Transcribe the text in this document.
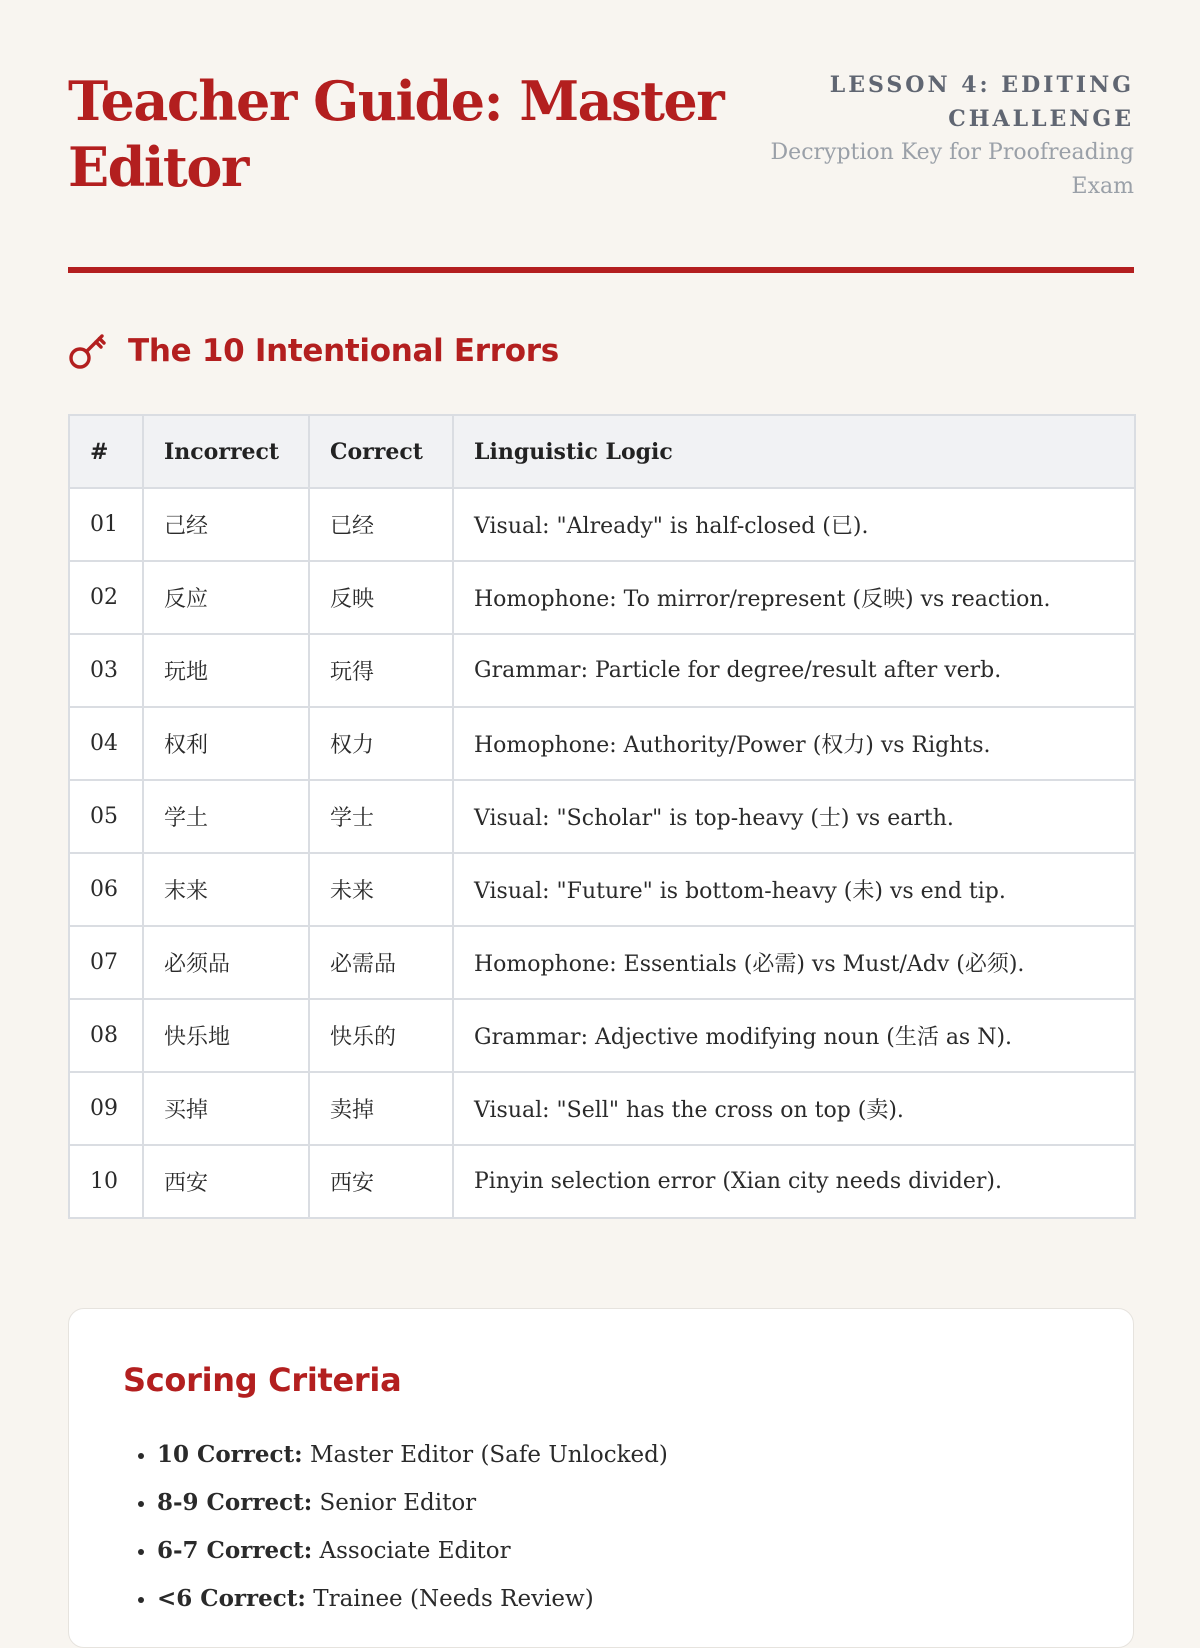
Teacher Guide: Master Editor

LESSON 4: EDITING CHALLENGE

Decryption Key for Proofreading Exam

The 10 Intentional Errors
#	Incorrect	Correct	Linguistic Logic
01	己经	已经	Visual: "Already" is half-closed (已).
02	反应	反映	Homophone: To mirror/represent (反映) vs reaction.
03	玩地	玩得	Grammar: Particle for degree/result after verb.
04	权利	权力	Homophone: Authority/Power (权力) vs Rights.
05	学土	学士	Visual: "Scholar" is top-heavy (士) vs earth.
06	末来	未来	Visual: "Future" is bottom-heavy (未) vs end tip.
07	必须品	必需品	Homophone: Essentials (必需) vs Must/Adv (必须).
08	快乐地	快乐的	Grammar: Adjective modifying noun (生活 as N).
09	买掉	卖掉	Visual: "Sell" has the cross on top (卖).
10	西安	西安	Pinyin selection error (Xian city needs divider).
Scoring Criteria
• 10 Correct: Master Editor (Safe Unlocked)
• 8-9 Correct: Senior Editor
• 6-7 Correct: Associate Editor
• <6 Correct: Trainee (Needs Review)
